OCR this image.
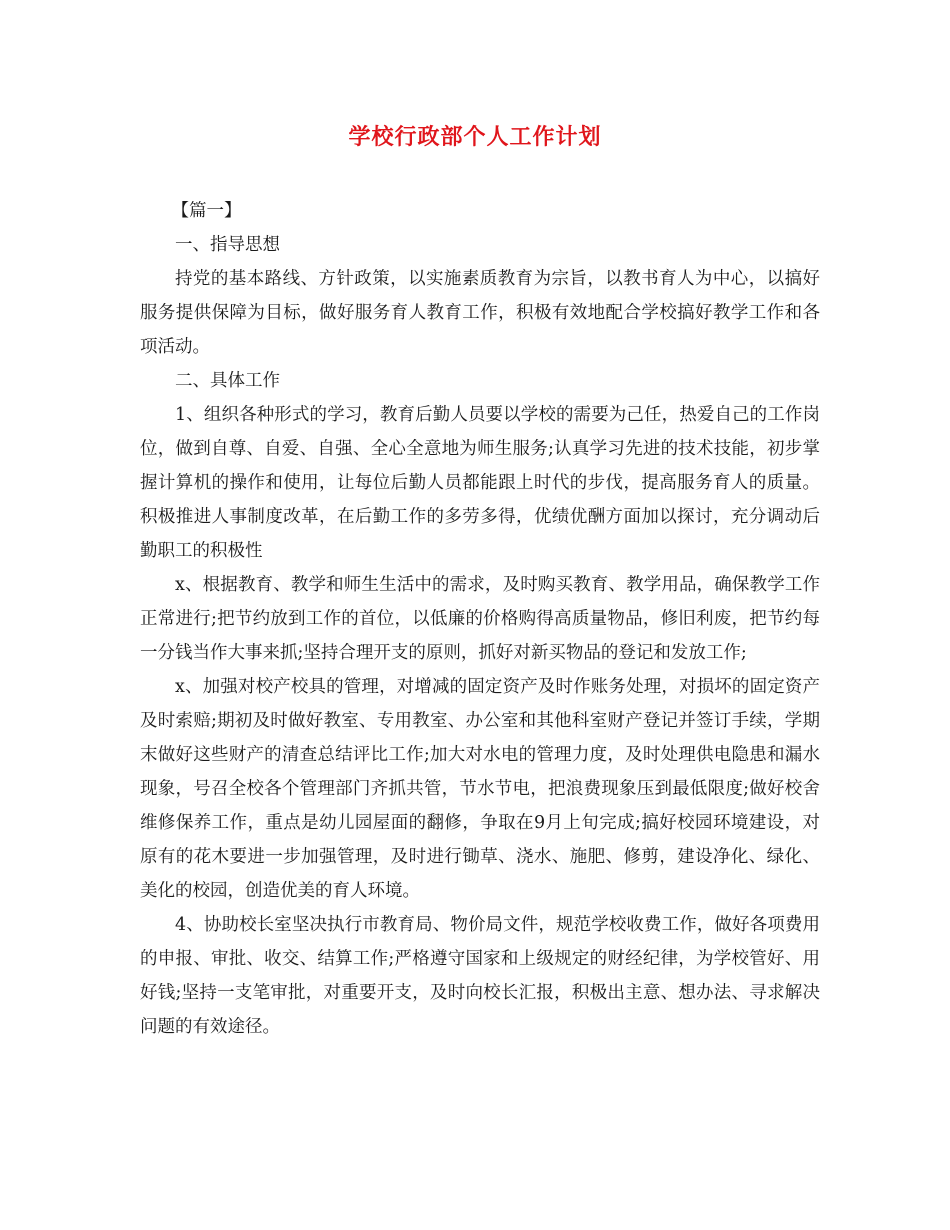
学校行政部个人工作计划

【篇一】

一、指导思想

持党的基本路线、方针政策，以实施素质教育为宗旨，以教书育人为中心，以搞好服务提供保障为目标，做好服务育人教育工作，积极有效地配合学校搞好教学工作和各项活动。

二、具体工作

1、组织各种形式的学习，教育后勤人员要以学校的需要为己任，热爱自己的工作岗位，做到自尊、自爱、自强、全心全意地为师生服务;认真学习先进的技术技能，初步掌握计算机的操作和使用，让每位后勤人员都能跟上时代的步伐，提高服务育人的质量。积极推进人事制度改革，在后勤工作的多劳多得，优绩优酬方面加以探讨，充分调动后勤职工的积极性

x、根据教育、教学和师生生活中的需求，及时购买教育、教学用品，确保教学工作正常进行;把节约放到工作的首位，以低廉的价格购得高质量物品，修旧利废，把节约每一分钱当作大事来抓;坚持合理开支的原则，抓好对新买物品的登记和发放工作;

x、加强对校产校具的管理，对增减的固定资产及时作账务处理，对损坏的固定资产及时索赔;期初及时做好教室、专用教室、办公室和其他科室财产登记并签订手续，学期末做好这些财产的清查总结评比工作;加大对水电的管理力度，及时处理供电隐患和漏水现象，号召全校各个管理部门齐抓共管，节水节电，把浪费现象压到最低限度;做好校舍维修保养工作，重点是幼儿园屋面的翻修，争取在9月上旬完成;搞好校园环境建设，对原有的花木要进一步加强管理，及时进行锄草、浇水、施肥、修剪，建设净化、绿化、美化的校园，创造优美的育人环境。

4、协助校长室坚决执行市教育局、物价局文件，规范学校收费工作，做好各项费用的申报、审批、收交、结算工作;严格遵守国家和上级规定的财经纪律，为学校管好、用好钱;坚持一支笔审批，对重要开支，及时向校长汇报，积极出主意、想办法、寻求解决问题的有效途径。
